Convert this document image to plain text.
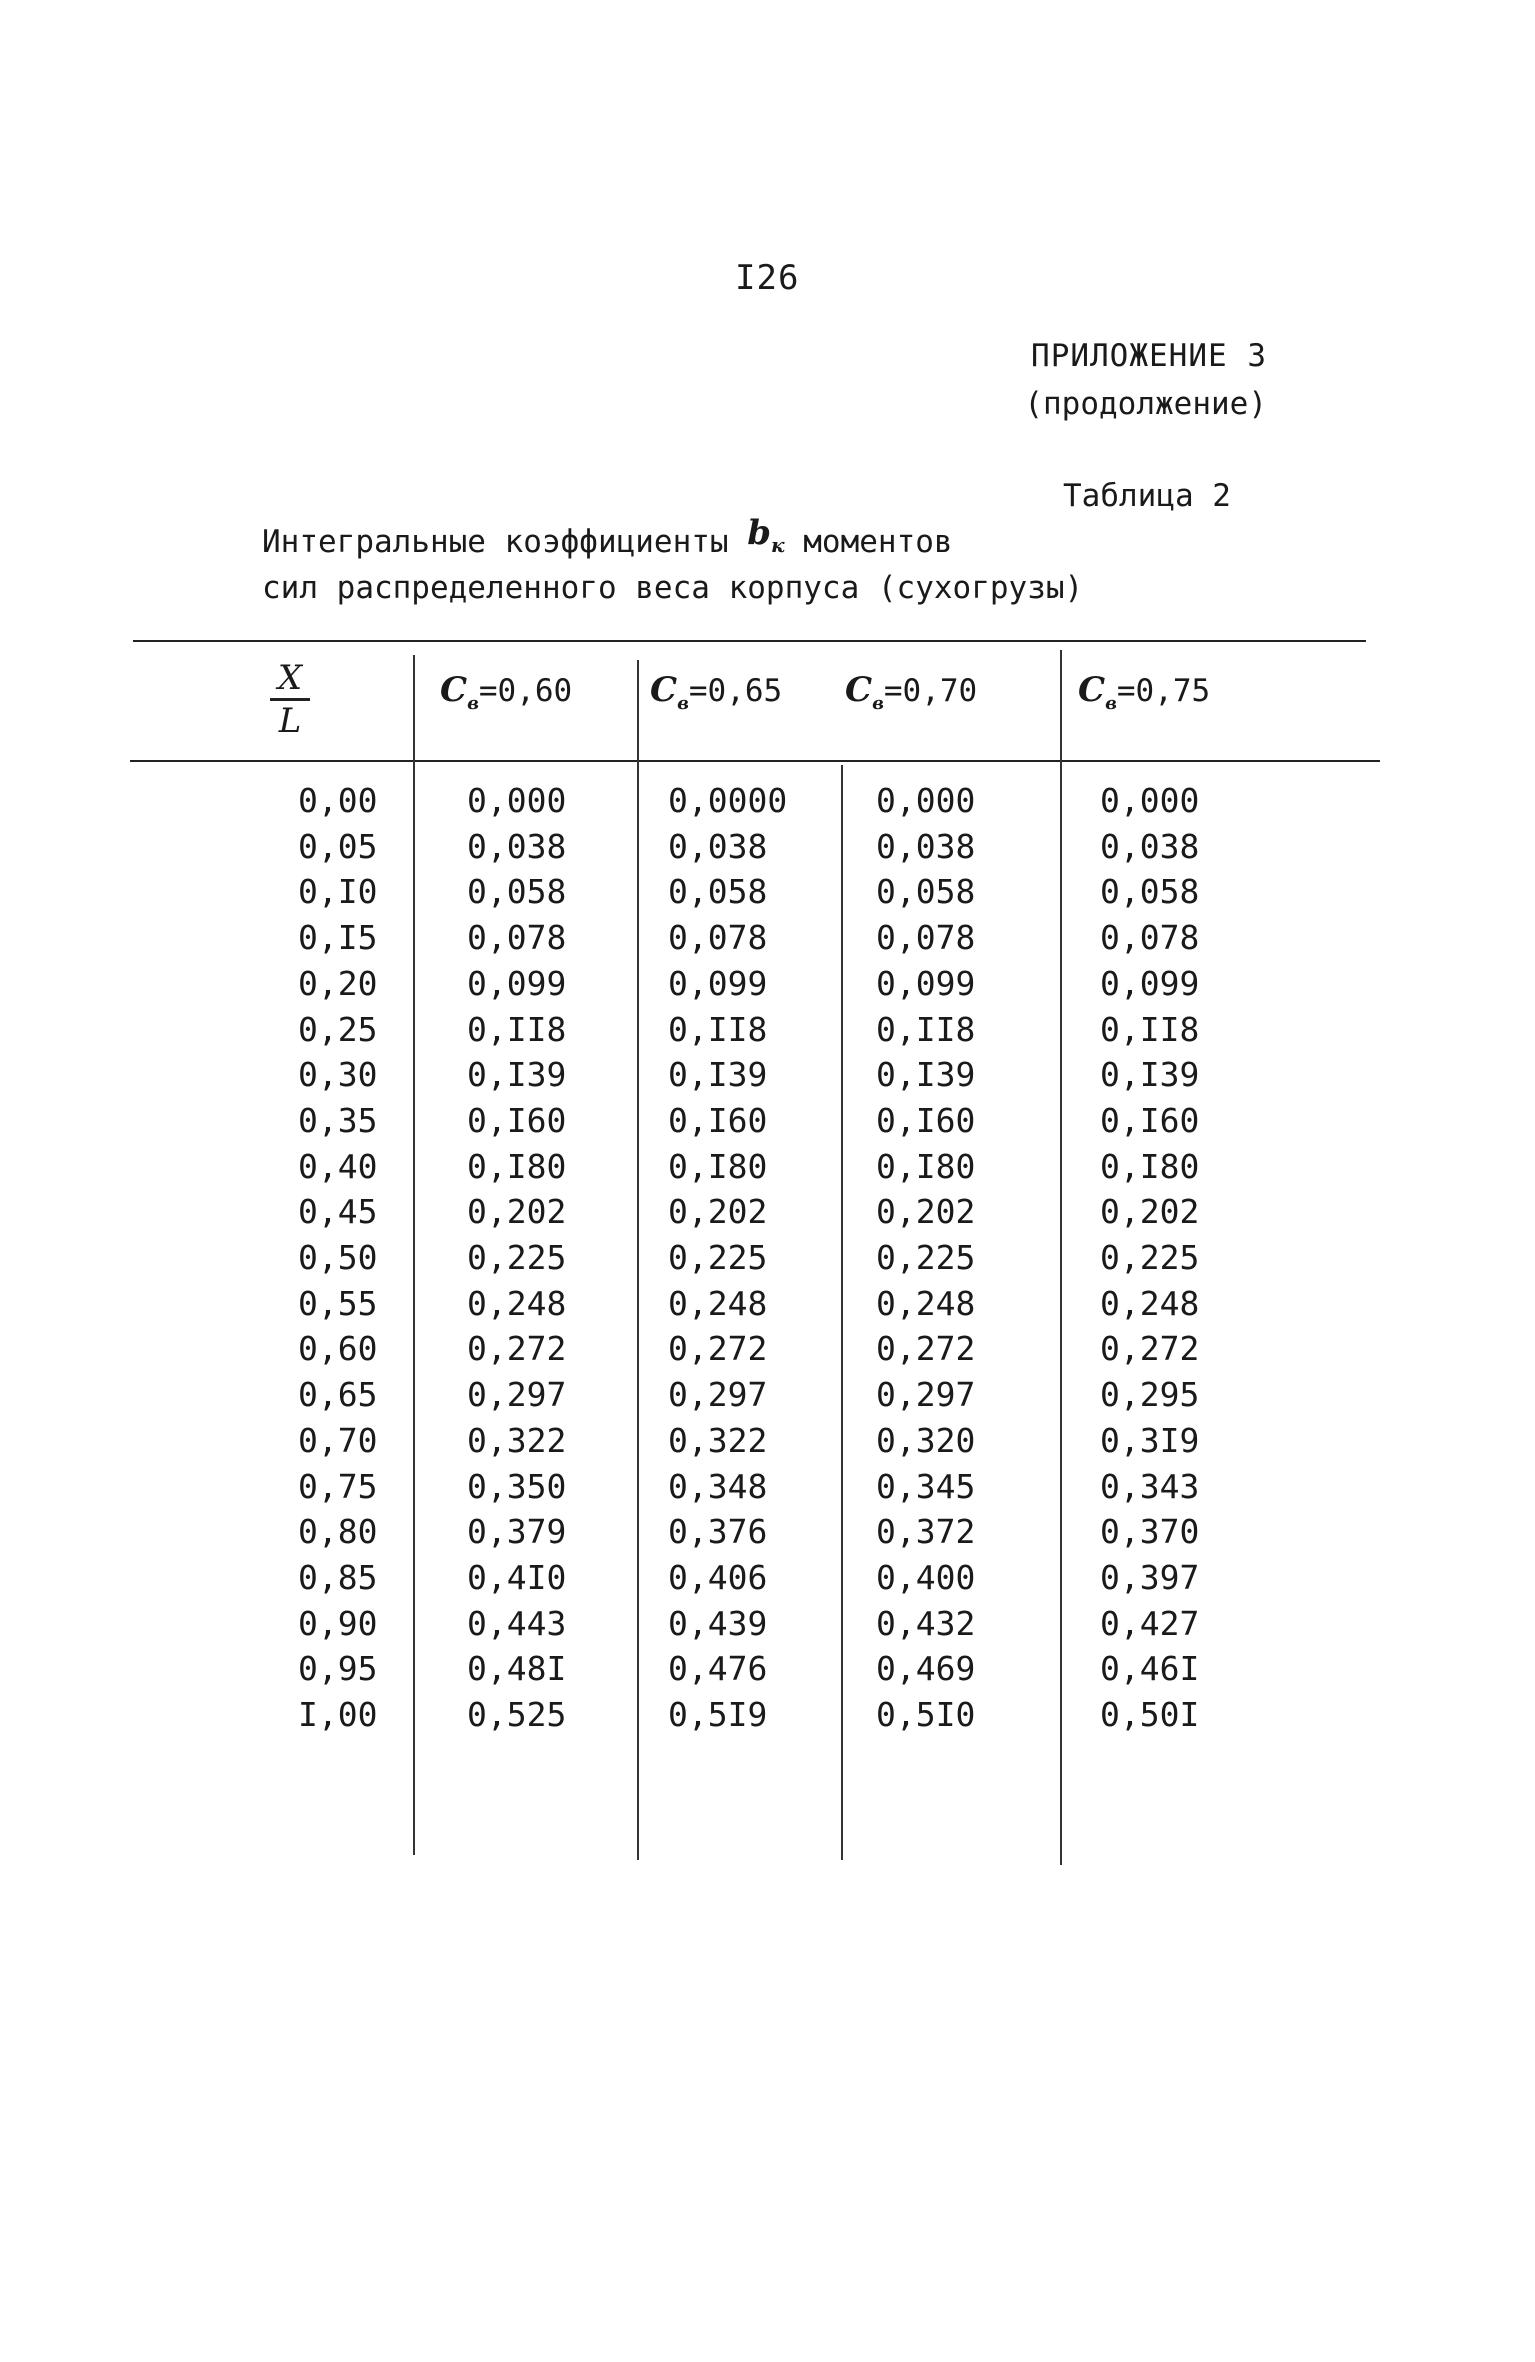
I26
ПРИЛОЖЕНИЕ 3
(продолжение)
Таблица 2
Интегральные коэффициенты $b_к$ моментов
сил распределенного веса корпуса (сухогрузы)
X
L
$C_в=0,60$ $C_в=0,65$ $C_в=0,70$	$C_в=0,75$
0,00
0,05
0,I0
0,I5
0,20
0,25
0,30
0,35
0,40
0,45
0,50
0,55
0,60
0,65
0,70
0,75
0,80
0,85
0,90
0,95
I,00
0,000
0,038
0,058
0,078
0,099
0,II8
0,I39
0,I60
0,I80
0,202
0,225
0,248
0,272
0,297
0,322
0,350
0,379
0,4I0
0,443
0,48I
0,525
0,0000
0,038
0,058
0,078
0,099
0,II8
0,I39
0,I60
0,I80
0,202
0,225
0,248
0,272
0,297
0,322
0,348
0,376
0,406
0,439
0,476
0,5I9
0,000
0,038
0,058
0,078
0,099
0,II8
0,I39
0,I60
0,I80
0,202
0,225
0,248
0,272
0,297
0,320
0,345
0,372
0,400
0,432
0,469
0,5I0
0,000
0,038
0,058
0,078
0,099
0,II8
0,I39
0,I60
0,I80
0,202
0,225
0,248
0,272
0,295
0,3I9
0,343
0,370
0,397
0,427
0,46I
0,50I
